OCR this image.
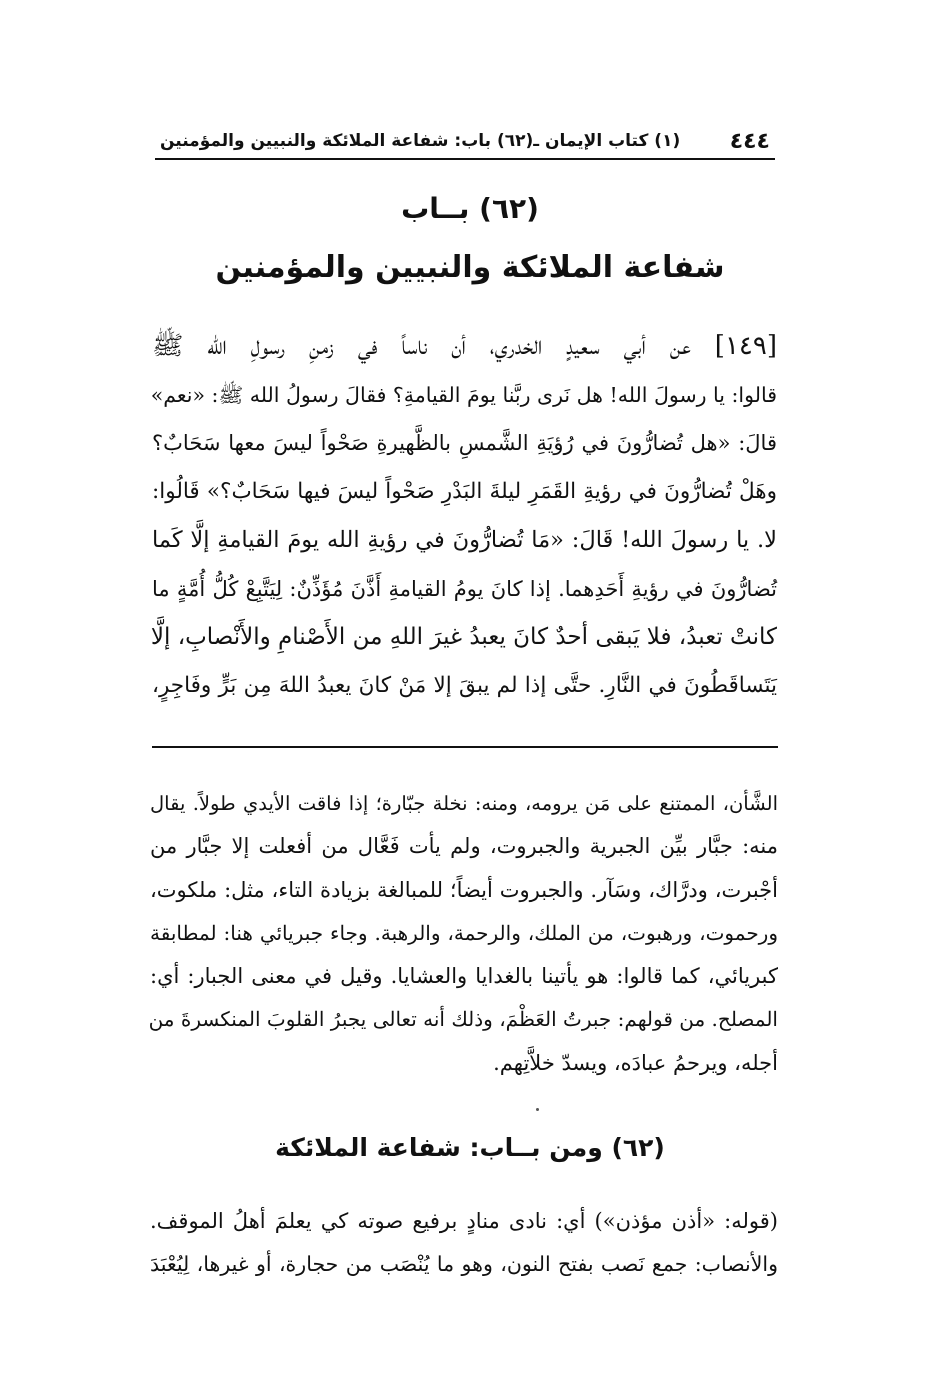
٤٤٤
(١) كتاب الإيمان ـ(٦٢) باب: شفاعة الملائكة والنبيين والمؤمنين
(٦٢) بــاب
شفاعة الملائكة والنبيين والمؤمنين
[١٤٩] عن أبي سعيدٍ الخدري، أن ناساً في زمنِ رسولِ الله ﷺ
قالوا: يا رسولَ الله! هل نَرى ربَّنا يومَ القيامةِ؟ فقالَ رسولُ الله ﷺ: «نعم»
قالَ: «هل تُضارُّونَ في رُؤيَةِ الشَّمسِ بالظَّهيرةِ صَحْواً ليسَ معها سَحَابٌ؟
وهَلْ تُضارُّونَ في رؤيةِ القَمَرِ ليلةَ البَدْرِ صَحْواً ليسَ فيها سَحَابٌ؟» قَالُوا:
لا. يا رسولَ الله! قَالَ: «مَا تُضارُّونَ في رؤيةِ الله يومَ القيامةِ إلَّا كَما
تُضارُّونَ في رؤيةِ أَحَدِهما. إذا كانَ يومُ القيامةِ أَذَّنَ مُؤَذِّنٌ: لِيَتَّبِعْ كُلُّ أُمَّةٍ ما
كانتْ تعبدُ، فلا يَبقى أحدٌ كانَ يعبدُ غيرَ اللهِ من الأَصْنامِ والأَنْصابِ، إلَّا
يَتَساقَطُونَ في النَّارِ. حتَّى إذا لم يبقَ إلا مَنْ كانَ يعبدُ اللهَ مِن بَرٍّ وفَاجِرٍ،
الشَّأن، الممتنع على مَن يرومه، ومنه: نخلة جبّارة؛ إذا فاقت الأيدي طولاً. يقال
منه: جبَّار بيِّن الجبرية والجبروت، ولم يأت فَعَّال من أفعلت إلا جبَّار من
أجْبرت، ودرَّاك، وسَآر. والجبروت أيضاً؛ للمبالغة بزيادة التاء، مثل: ملكوت،
ورحموت، ورهبوت، من الملك، والرحمة، والرهبة. وجاء جبريائي هنا: لمطابقة
كبريائي، كما قالوا: هو يأتينا بالغدايا والعشايا. وقيل في معنى الجبار: أي:
المصلح. من قولهم: جبرتُ العَظْمَ، وذلك أنه تعالى يجبرُ القلوبَ المنكسرةَ من
أجله، ويرحمُ عبادَه، ويسدّ خلاَّتِهم.
(٦٢) ومن بــاب: شفاعة الملائكة
(قوله: «أذن مؤذن») أي: نادى منادٍ برفيع صوته كي يعلمَ أهلُ الموقف.
والأنصاب: جمع نَصب بفتح النون، وهو ما يُنْصَب من حجارة، أو غيرها، لِيُعْبَدَ
